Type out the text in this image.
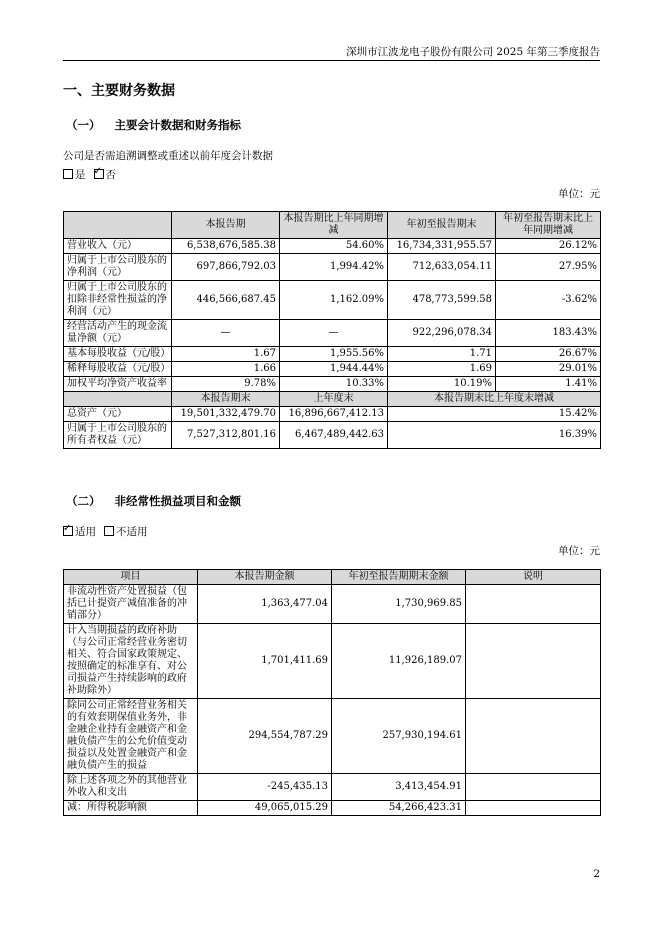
深圳市江波龙电子股份有限公司 2025 年第三季度报告
一、主要财务数据
（一） 主要会计数据和财务指标
公司是否需追溯调整或重述以前年度会计数据
是 ✓ 否
单位：元
	本报告期	本报告期比上年同期增减	年初至报告期末	年初至报告期末比上年同期增减
营业收入（元）	6,538,676,585.38	54.60%	16,734,331,955.57	26.12%
归属于上市公司股东的净利润（元）	697,866,792.03	1,994.42%	712,633,054.11	27.95%
归属于上市公司股东的扣除非经常性损益的净利润（元）	446,566,687.45	1,162.09%	478,773,599.58	-3.62%
经营活动产生的现金流量净额（元）	—	—	922,296,078.34	183.43%
基本每股收益（元/股）	1.67	1,955.56%	1.71	26.67%
稀释每股收益（元/股）	1.66	1,944.44%	1.69	29.01%
加权平均净资产收益率	9.78%	10.33%	10.19%	1.41%
	本报告期末	上年度末	本报告期末比上年度末增减	
总资产（元）	19,501,332,479.70	16,896,667,412.13	15.42%	
归属于上市公司股东的所有者权益（元）	7,527,312,801.16	6,467,489,442.63	16.39%	
（二） 非经常性损益项目和金额
✓适用 不适用
单位：元
项目	本报告期金额	年初至报告期期末金额	说明
非流动性资产处置损益（包括已计提资产减值准备的冲销部分）	1,363,477.04	1,730,969.85	
计入当期损益的政府补助（与公司正常经营业务密切相关、符合国家政策规定、按照确定的标准享有、对公司损益产生持续影响的政府补助除外）	1,701,411.69	11,926,189.07	
除同公司正常经营业务相关的有效套期保值业务外，非金融企业持有金融资产和金融负债产生的公允价值变动损益以及处置金融资产和金融负债产生的损益	294,554,787.29	257,930,194.61	
除上述各项之外的其他营业外收入和支出	-245,435.13	3,413,454.91	
减：所得税影响额	49,065,015.29	54,266,423.31	
2
